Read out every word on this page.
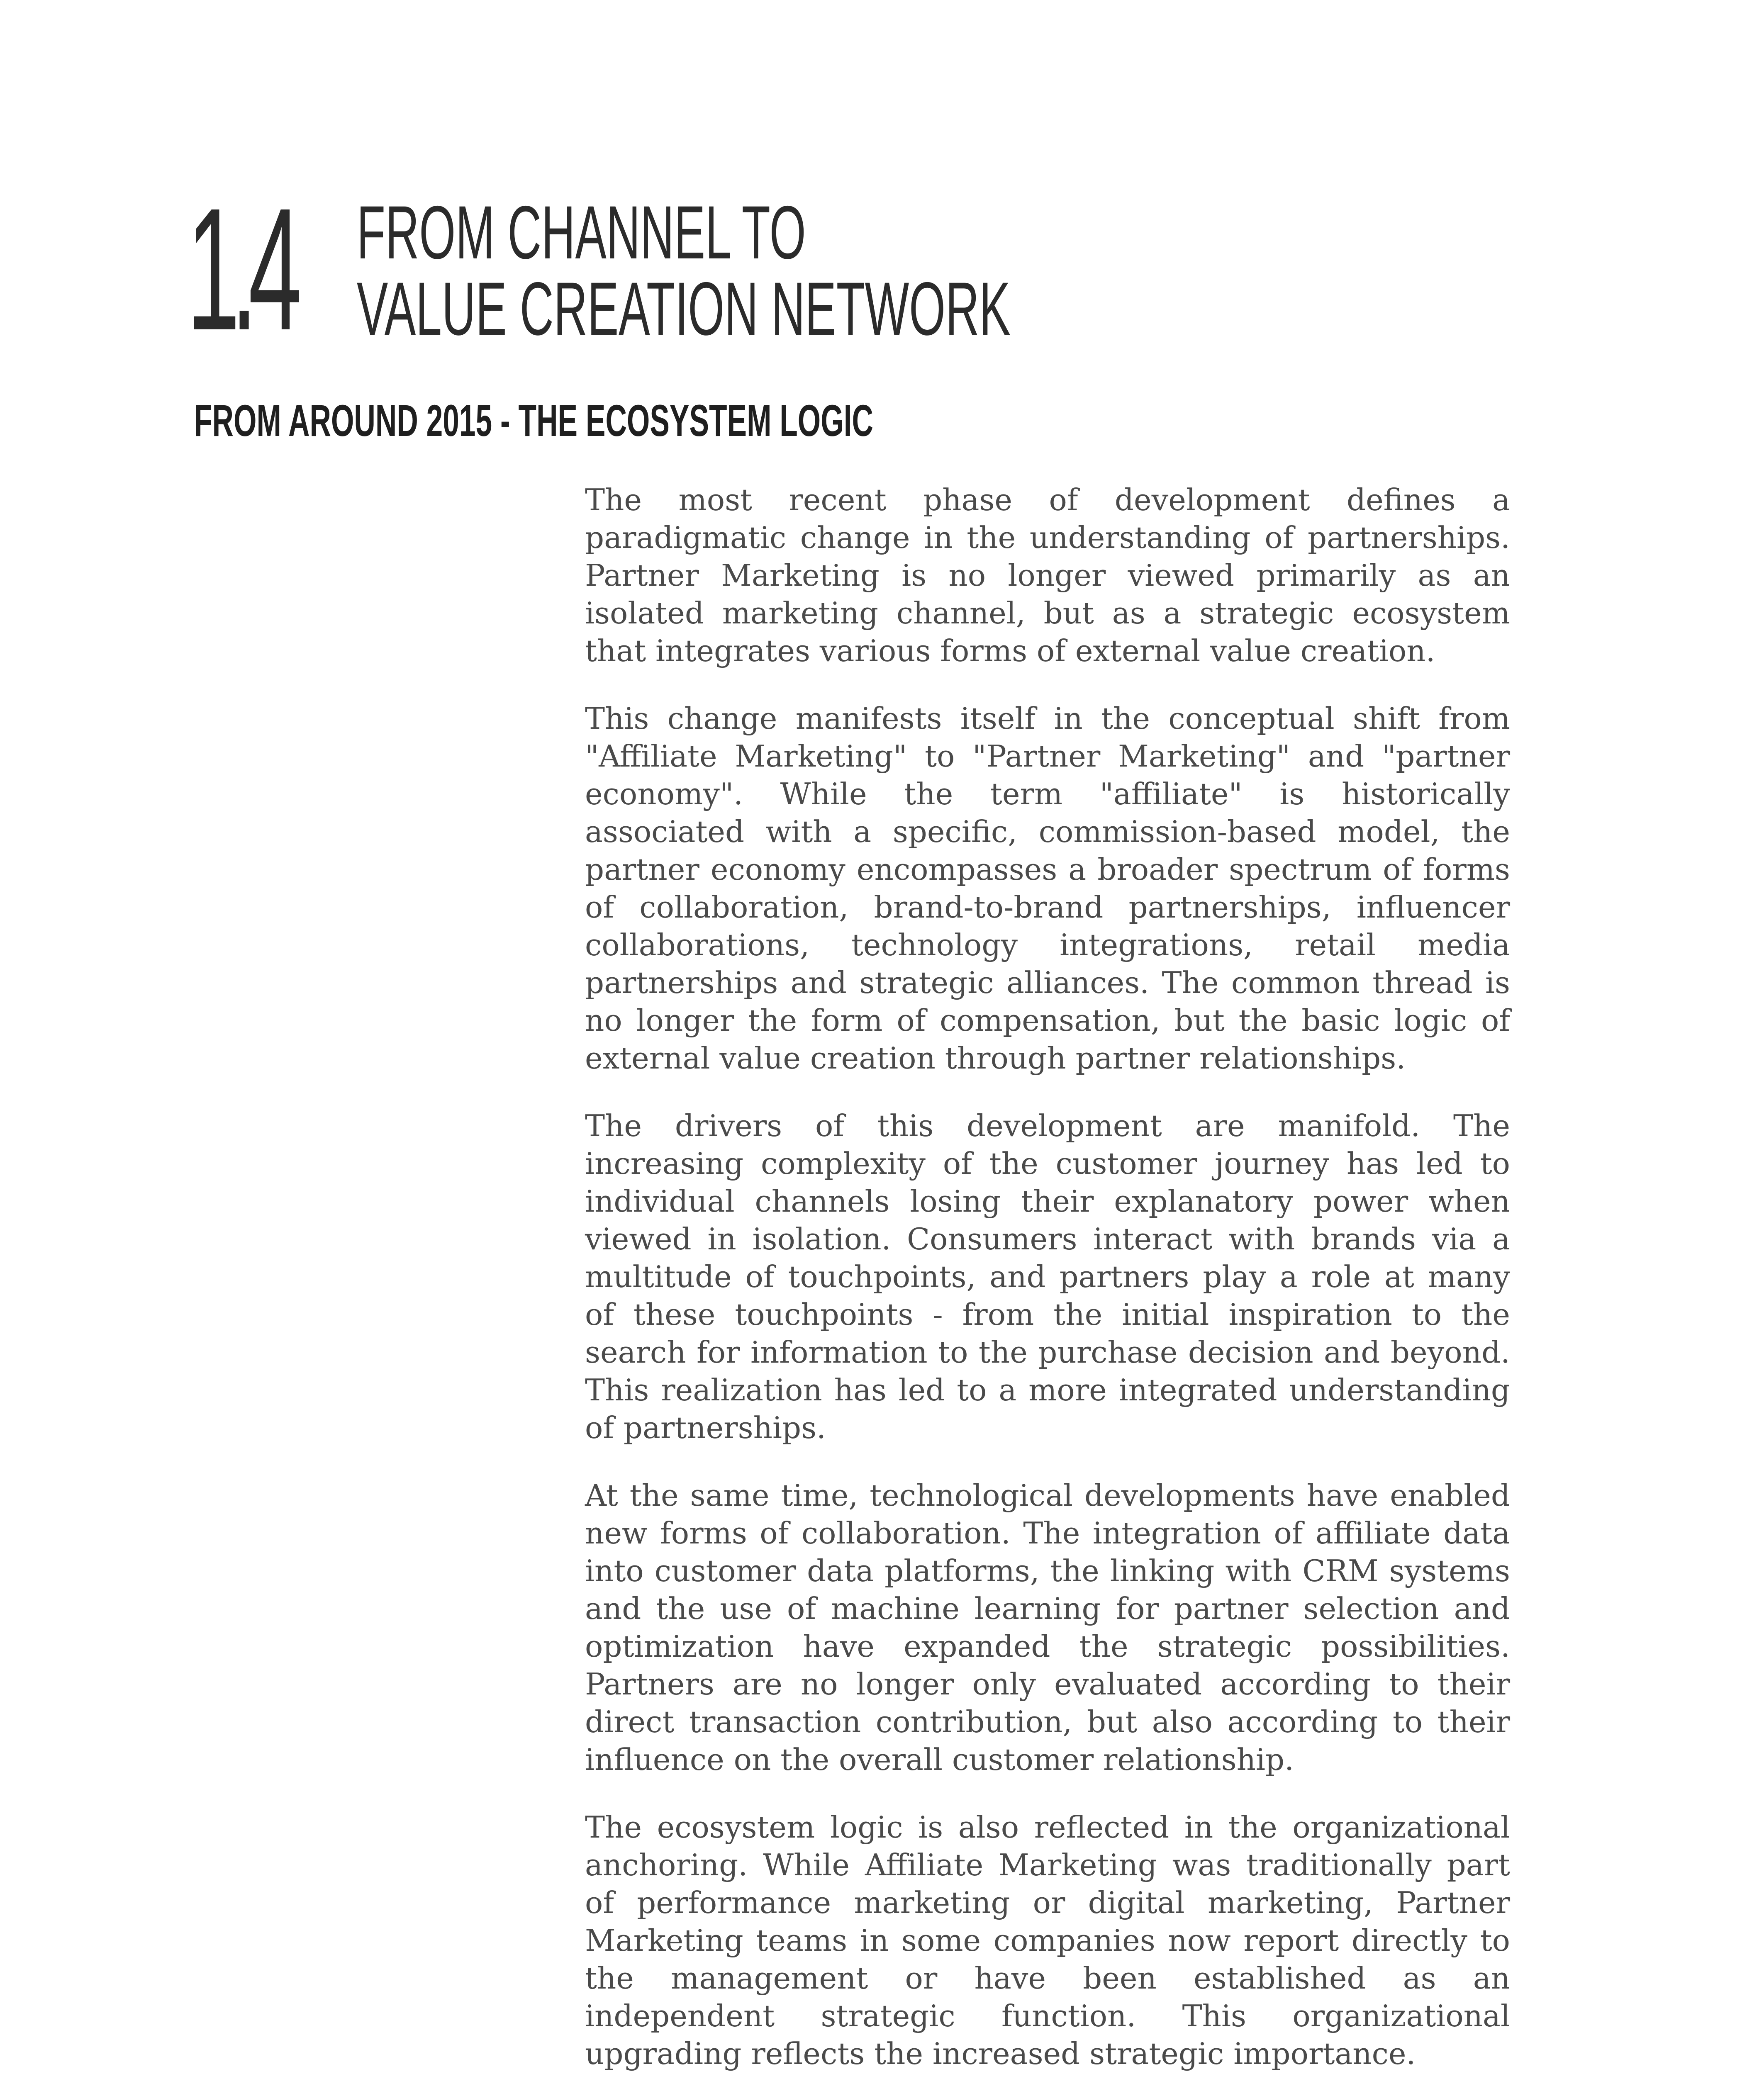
1.4 FROM CHANNEL TO
VALUE CREATION NETWORK
FROM AROUND 2015 - THE ECOSYSTEM LOGIC

The most recent phase of development defines a paradigmatic change in the understanding of partnerships. Partner Marketing is no longer viewed primarily as an isolated marketing channel, but as a strategic ecosystem that integrates various forms of external value creation.

This change manifests itself in the conceptual shift from "Affiliate Marketing" to "Partner Marketing" and "partner economy". While the term "affiliate" is historically associated with a specific, commission-based model, the partner economy encompasses a broader spectrum of forms of collaboration, brand-to-brand partnerships, influencer collaborations, technology integrations, retail media partnerships and strategic alliances. The common thread is no longer the form of compensation, but the basic logic of external value creation through partner relationships.

The drivers of this development are manifold. The increasing complexity of the customer journey has led to individual channels losing their explanatory power when viewed in isolation. Consumers interact with brands via a multitude of touchpoints, and partners play a role at many of these touchpoints - from the initial inspiration to the search for information to the purchase decision and beyond. This realization has led to a more integrated understanding of partnerships.

At the same time, technological developments have enabled new forms of collaboration. The integration of affiliate data into customer data platforms, the linking with CRM systems and the use of machine learning for partner selection and optimization have expanded the strategic possibilities. Partners are no longer only evaluated according to their direct transaction contribution, but also according to their influence on the overall customer relationship.

The ecosystem logic is also reflected in the organizational anchoring. While Affiliate Marketing was traditionally part of performance marketing or digital marketing, Partner Marketing teams in some companies now report directly to the management or have been established as an independent strategic function. This organizational upgrading reflects the increased strategic importance.
